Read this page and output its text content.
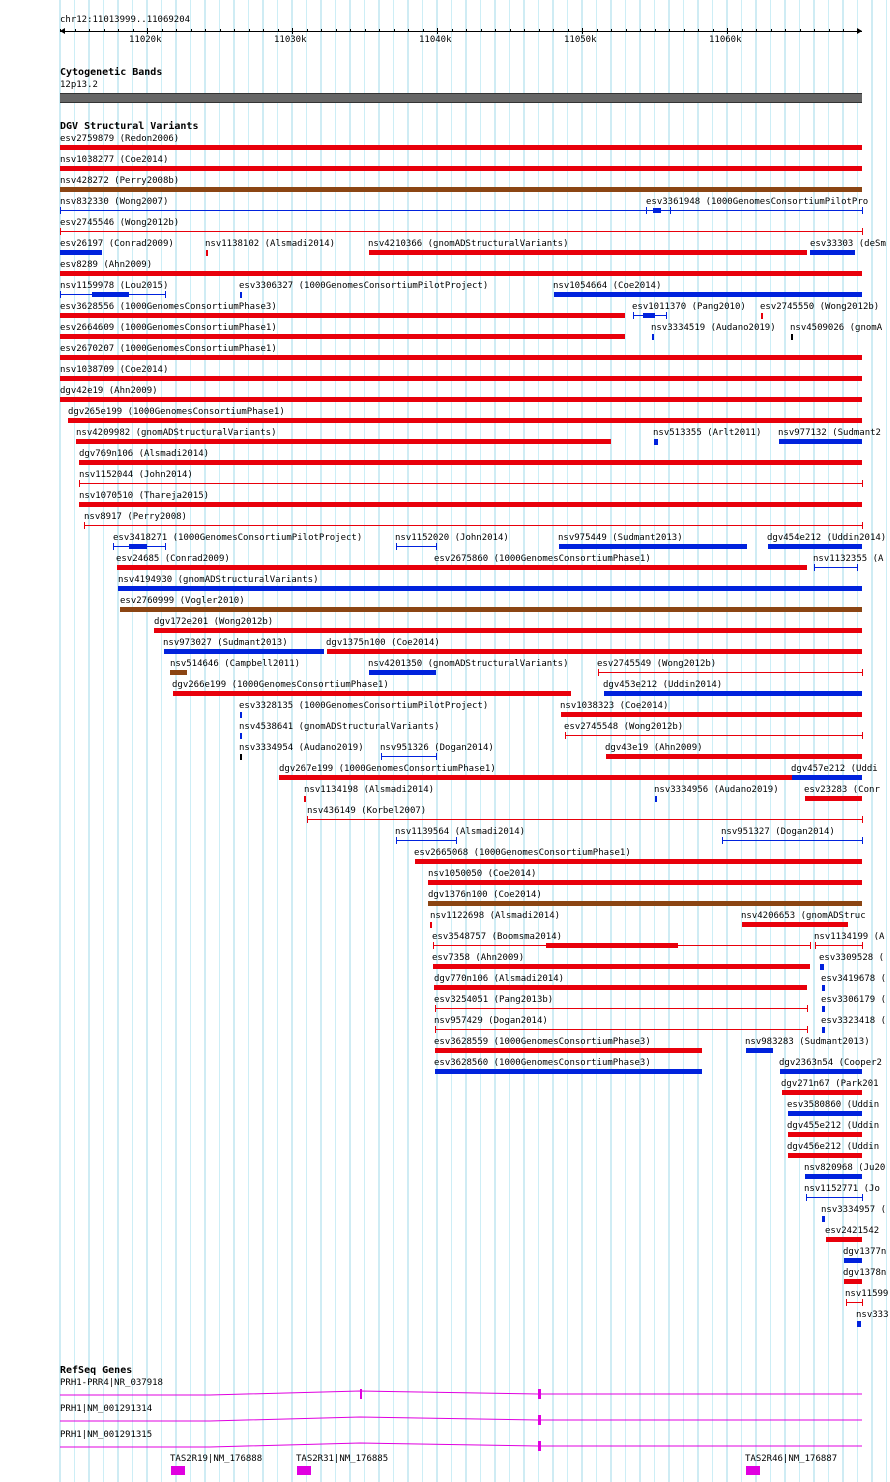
chr12:11013999..11069204
11020k	11030k	11040k	11050k	11060k
Cytogenetic Bands
12p13.2
DGV Structural Variants
esv2759879 (Redon2006)
nsv1038277 (Coe2014)
nsv428272 (Perry2008b)
nsv832330 (Wong2007)	esv3361948 (1000GenomesConsortiumPilotPro
esv2745546 (Wong2012b)
esv26197 (Conrad2009)	nsv1138102 (Alsmadi2014)	nsv4210366 (gnomADStructuralVariants)	esv33303 (deSm
esv8289 (Ahn2009)
nsv1159978 (Lou2015)	esv3306327 (1000GenomesConsortiumPilotProject)	nsv1054664 (Coe2014)
esv3628556 (1000GenomesConsortiumPhase3)	esv1011370 (Pang2010) esv2745550 (Wong2012b)
esv2664609 (1000GenomesConsortiumPhase1)	nsv3334519 (Audano2019) nsv4509026 (gnomA
esv2670207 (1000GenomesConsortiumPhase1)
nsv1038709 (Coe2014)
dgv42e19 (Ahn2009)
dgv265e199 (1000GenomesConsortiumPhase1)
nsv4209982 (gnomADStructuralVariants)	nsv513355 (Arlt2011) nsv977132 (Sudmant2
dgv769n106 (Alsmadi2014)
nsv1152044 (John2014)
nsv1070510 (Thareja2015)
nsv8917 (Perry2008)
esv3418271 (1000GenomesConsortiumPilotProject)	nsv1152020 (John2014)	nsv975449 (Sudmant2013)	dgv454e212 (Uddin2014)
esv24685 (Conrad2009)	esv2675860 (1000GenomesConsortiumPhase1)	nsv1132355 (A
nsv4194930 (gnomADStructuralVariants)
esv2760999 (Vogler2010)
dgv172e201 (Wong2012b)
nsv973027 (Sudmant2013)	dgv1375n100 (Coe2014)
nsv514646 (Campbell2011)	nsv4201350 (gnomADStructuralVariants)	esv2745549 (Wong2012b)
dgv266e199 (1000GenomesConsortiumPhase1)	dgv453e212 (Uddin2014)
esv3328135 (1000GenomesConsortiumPilotProject)	nsv1038323 (Coe2014)
nsv4538641 (gnomADStructuralVariants)	esv2745548 (Wong2012b)
nsv3334954 (Audano2019) nsv951326 (Dogan2014)	dgv43e19 (Ahn2009)
dgv267e199 (1000GenomesConsortiumPhase1)	dgv457e212 (Uddi
nsv1134198 (Alsmadi2014)	nsv3334956 (Audano2019)	esv23283 (Conr
nsv436149 (Korbel2007)
nsv1139564 (Alsmadi2014)	nsv951327 (Dogan2014)
esv2665068 (1000GenomesConsortiumPhase1)
nsv1050050 (Coe2014)
dgv1376n100 (Coe2014)
nsv1122698 (Alsmadi2014)	nsv4206653 (gnomADStruc
esv3548757 (Boomsma2014)	nsv1134199 (A
esv7358 (Ahn2009)	esv3309528 (
dgv770n106 (Alsmadi2014)	esv3419678 (
esv3254051 (Pang2013b)	esv3306179 (
nsv957429 (Dogan2014)	esv3323418 (
esv3628559 (1000GenomesConsortiumPhase3)	nsv983283 (Sudmant2013)
esv3628560 (1000GenomesConsortiumPhase3)	dgv2363n54 (Cooper2
dgv271n67 (Park201
esv3580860 (Uddin
dgv455e212 (Uddin
dgv456e212 (Uddin
nsv820968 (Ju20
nsv1152771 (Jo
nsv3334957 (
esv2421542
dgv1377n
dgv1378n
nsv11599
nsv333
RefSeq Genes
PRH1-PRR4|NR_037918
PRH1|NM_001291314
PRH1|NM_001291315
TAS2R19|NM_176888	TAS2R31|NM_176885	TAS2R46|NM_176887
